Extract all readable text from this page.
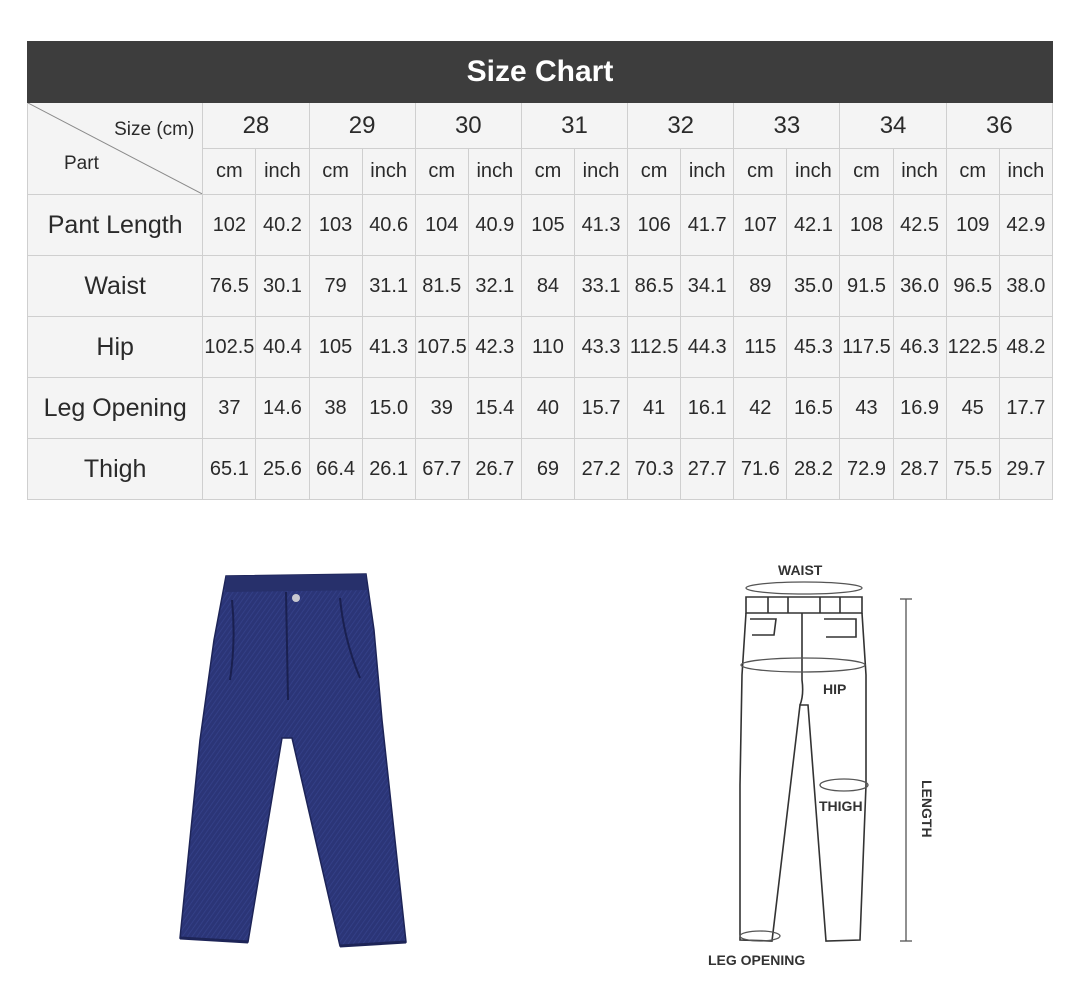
Size Chart																

Size (cm)
Part	28		29		30		31		32		33		34		36	
	cm	inch	cm	inch	cm	inch	cm	inch	cm	inch	cm	inch	cm	inch	cm	inch
Pant Length	102	40.2	103	40.6	104	40.9	105	41.3	106	41.7	107	42.1	108	42.5	109	42.9
Waist	76.5	30.1	79	31.1	81.5	32.1	84	33.1	86.5	34.1	89	35.0	91.5	36.0	96.5	38.0
Hip	102.5	40.4	105	41.3	107.5	42.3	110	43.3	112.5	44.3	115	45.3	117.5	46.3	122.5	48.2
Leg Opening	37	14.6	38	15.0	39	15.4	40	15.7	41	16.1	42	16.5	43	16.9	45	17.7
Thigh	65.1	25.6	66.4	26.1	67.7	26.7	69	27.2	70.3	27.7	71.6	28.2	72.9	28.7	75.5	29.7
WAIST
HIP
THIGH
LEG OPENING
LENGTH
